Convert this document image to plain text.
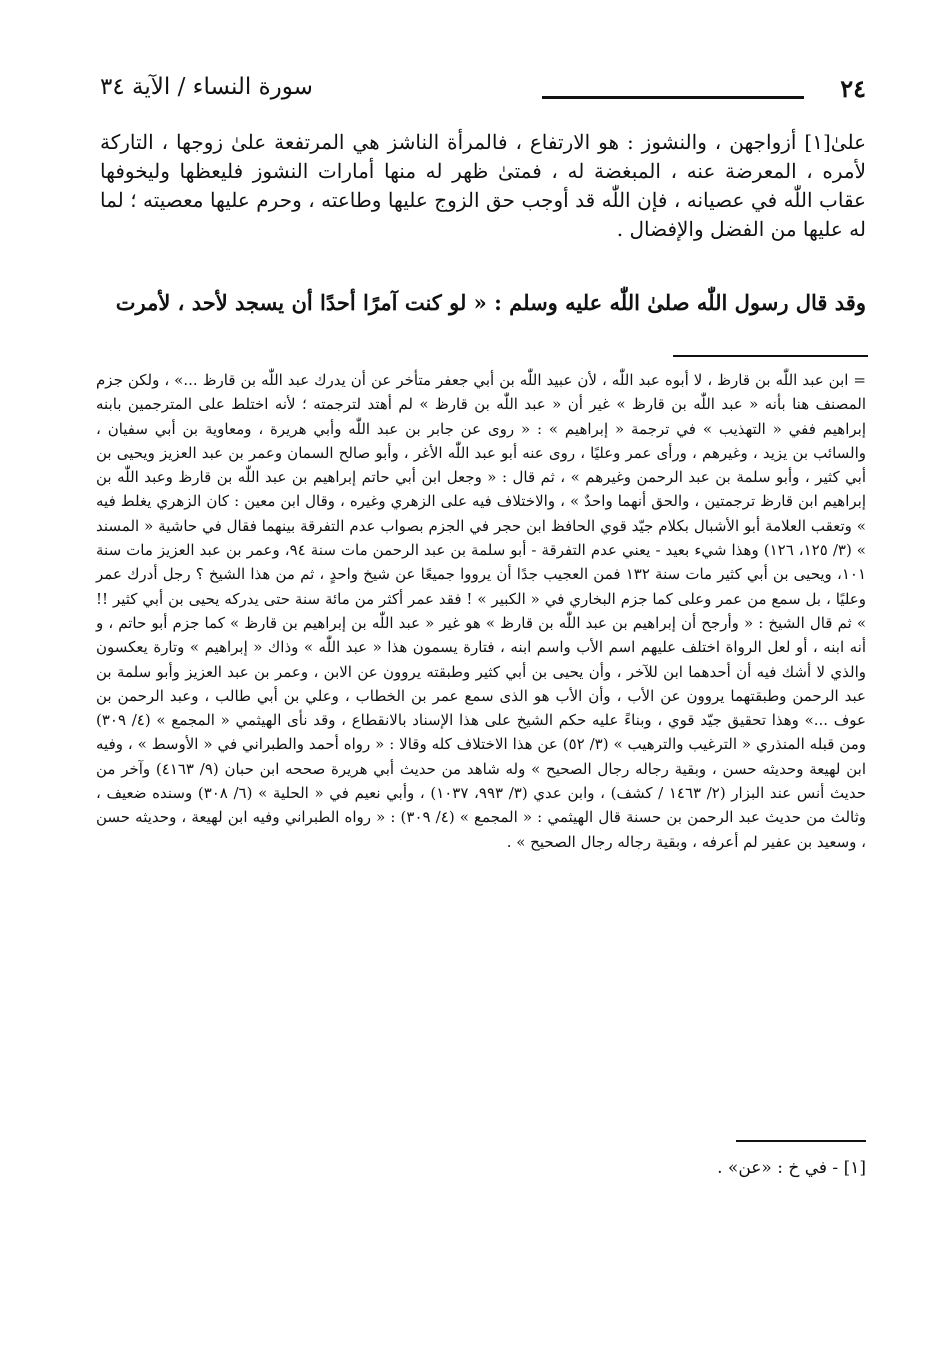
٢٤
سورة النساء / الآية ٣٤

علىٰ[١] أزواجهن ، والنشوز : هو الارتفاع ، فالمرأة الناشز هي المرتفعة علىٰ زوجها ، التاركة لأمره ، المعرضة عنه ، المبغضة له ، فمتىٰ ظهر له منها أمارات النشوز فليعظها وليخوفها عقاب اللّٰه في عصيانه ، فإن اللّٰه قد أوجب حق الزوج عليها وطاعته ، وحرم عليها معصيته ؛ لما له عليها من الفضل والإفضال .

وقد قال رسول اللّٰه صلىٰ اللّٰه عليه وسلم : « لو كنت آمرًا أحدًا أن يسجد لأحد ، لأمرت

= ابن عبد اللّٰه بن قارظ ، لا أبوه عبد اللّٰه ، لأن عبيد اللّٰه بن أبي جعفر متأخر عن أن يدرك عبد اللّٰه بن قارظ ...» ، ولكن جزم المصنف هنا بأنه « عبد اللّٰه بن قارظ » غير أن « عبد اللّٰه بن قارظ » لم أهتد لترجمته ؛ لأنه اختلط على المترجمين بابنه إبراهيم ففي « التهذيب » في ترجمة « إبراهيم » : « روى عن جابر بن عبد اللّٰه وأبي هريرة ، ومعاوية بن أبي سفيان ، والسائب بن يزيد ، وغيرهم ، ورأى عمر وعليًا ، روى عنه أبو عبد اللّٰه الأغر ، وأبو صالح السمان وعمر بن عبد العزيز ويحيى بن أبي كثير ، وأبو سلمة بن عبد الرحمن وغيرهم » ، ثم قال : « وجعل ابن أبي حاتم إبراهيم بن عبد اللّٰه بن قارظ وعبد اللّٰه بن إبراهيم ابن قارظ ترجمتين ، والحق أنهما واحدٌ » ، والاختلاف فيه على الزهري وغيره ، وقال ابن معين : كان الزهري يغلط فيه » وتعقب العلامة أبو الأشبال بكلام جيّد قوي الحافظ ابن حجر في الجزم بصواب عدم التفرقة بينهما فقال في حاشية « المسند » (٣/ ١٢٥، ١٢٦) وهذا شيء بعيد - يعني عدم التفرقة - أبو سلمة بن عبد الرحمن مات سنة ٩٤، وعمر بن عبد العزيز مات سنة ١٠١، ويحيى بن أبي كثير مات سنة ١٣٢ فمن العجيب جدًا أن يرووا جميعًا عن شيخ واحدٍ ، ثم من هذا الشيخ ؟ رجل أدرك عمر وعليًا ، بل سمع من عمر وعلى كما جزم البخاري في « الكبير » ! فقد عمر أكثر من مائة سنة حتى يدركه يحيى بن أبي كثير !! » ثم قال الشيخ : « وأرجح أن إبراهيم بن عبد اللّٰه بن قارظ » هو غير « عبد اللّٰه بن إبراهيم بن قارظ » كما جزم أبو حاتم ، و أنه ابنه ، أو لعل الرواة اختلف عليهم اسم الأب واسم ابنه ، فتارة يسمون هذا « عبد اللّٰه » وذاك « إبراهيم » وتارة يعكسون والذي لا أشك فيه أن أحدهما ابن للآخر ، وأن يحيى بن أبي كثير وطبقته يروون عن الابن ، وعمر بن عبد العزيز وأبو سلمة بن عبد الرحمن وطبقتهما يروون عن الأب ، وأن الأب هو الذى سمع عمر بن الخطاب ، وعلي بن أبي طالب ، وعبد الرحمن بن عوف ...» وهذا تحقيق جيّد قوي ، وبناءً عليه حكم الشيخ على هذا الإسناد بالانقطاع ، وقد نأى الهيثمي « المجمع » (٤/ ٣٠٩) ومن قبله المنذري « الترغيب والترهيب » (٣/ ٥٢) عن هذا الاختلاف كله وقالا : « رواه أحمد والطبراني في « الأوسط » ، وفيه ابن لهيعة وحديثه حسن ، وبقية رجاله رجال الصحيح » وله شاهد من حديث أبي هريرة صححه ابن حبان (٩/ ٤١٦٣) وآخر من حديث أنس عند البزار (٢/ ١٤٦٣ / كشف) ، وابن عدي (٣/ ٩٩٣، ١٠٣٧) ، وأبي نعيم في « الحلية » (٦/ ٣٠٨) وسنده ضعيف ، وثالث من حديث عبد الرحمن بن حسنة قال الهيثمي : « المجمع » (٤/ ٣٠٩) : « رواه الطبراني وفيه ابن لهيعة ، وحديثه حسن ، وسعيد بن عفير لم أعرفه ، وبقية رجاله رجال الصحيح » .

[١] - في خ : «عن» .
